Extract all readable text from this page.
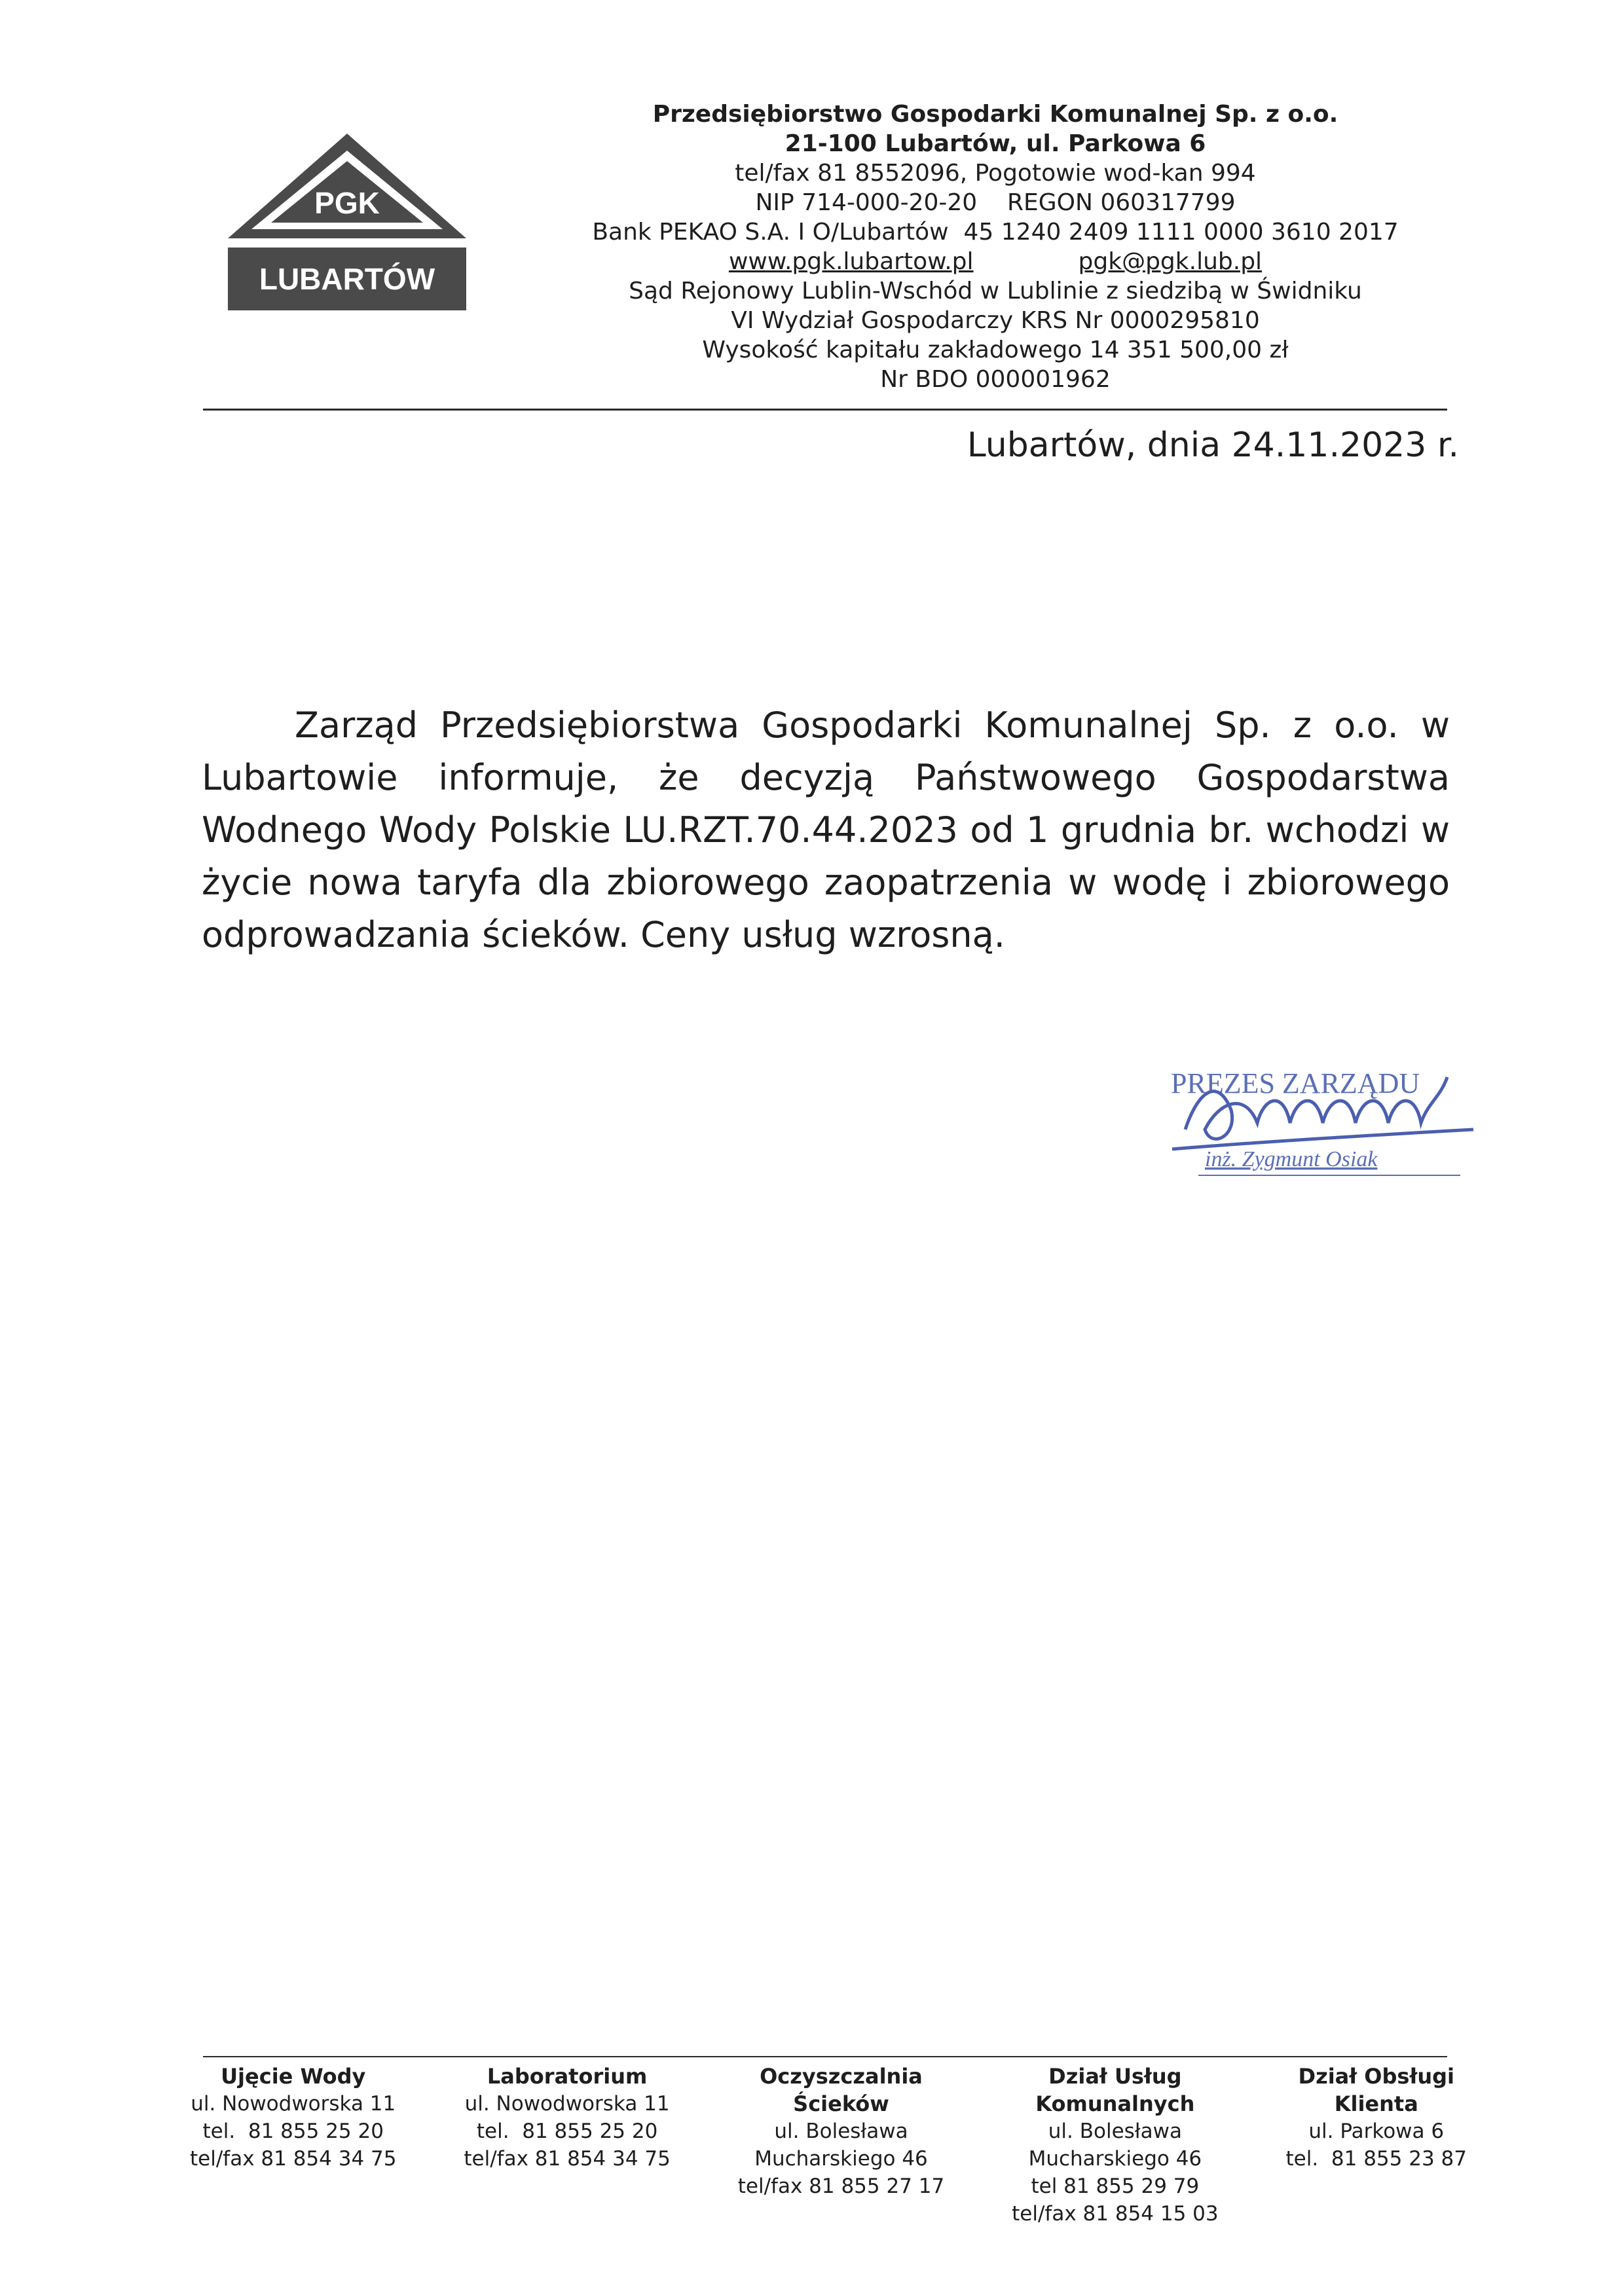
PGK
LUBARTÓW
Przedsiębiorstwo Gospodarki Komunalnej Sp. z o.o.
21-100 Lubartów, ul. Parkowa 6
tel/fax 81 8552096, Pogotowie wod-kan 994
NIP 714-000-20-20    REGON 060317799
Bank PEKAO S.A. I O/Lubartów  45 1240 2409 1111 0000 3610 2017
www.pgk.lubartow.pl	pgk@pgk.lub.pl
Sąd Rejonowy Lublin-Wschód w Lublinie z siedzibą w Świdniku
VI Wydział Gospodarczy KRS Nr 0000295810
Wysokość kapitału zakładowego 14 351 500,00 zł
Nr BDO 000001962
Lubartów, dnia 24.11.2023 r.

Zarząd Przedsiębiorstwa Gospodarki Komunalnej Sp. z o.o. w Lubartowie informuje, że decyzją Państwowego Gospodarstwa Wodnego Wody Polskie LU.RZT.70.44.2023 od 1 grudnia br. wchodzi w życie nowa taryfa dla zbiorowego zaopatrzenia w wodę i zbiorowego odprowadzania ścieków. Ceny usług wzrosną.

PREZES ZARZĄDU
inż. Zygmunt Osiak
Ujęcie Wody
ul. Nowodworska 11
tel.  81 855 25 20
tel/fax 81 854 34 75
Laboratorium
ul. Nowodworska 11
tel.  81 855 25 20
tel/fax 81 854 34 75
Oczyszczalnia
Ścieków
ul. Bolesława
Mucharskiego 46
tel/fax 81 855 27 17
Dział Usług
Komunalnych
ul. Bolesława
Mucharskiego 46
tel 81 855 29 79
tel/fax 81 854 15 03
Dział Obsługi
Klienta
ul. Parkowa 6
tel.  81 855 23 87
